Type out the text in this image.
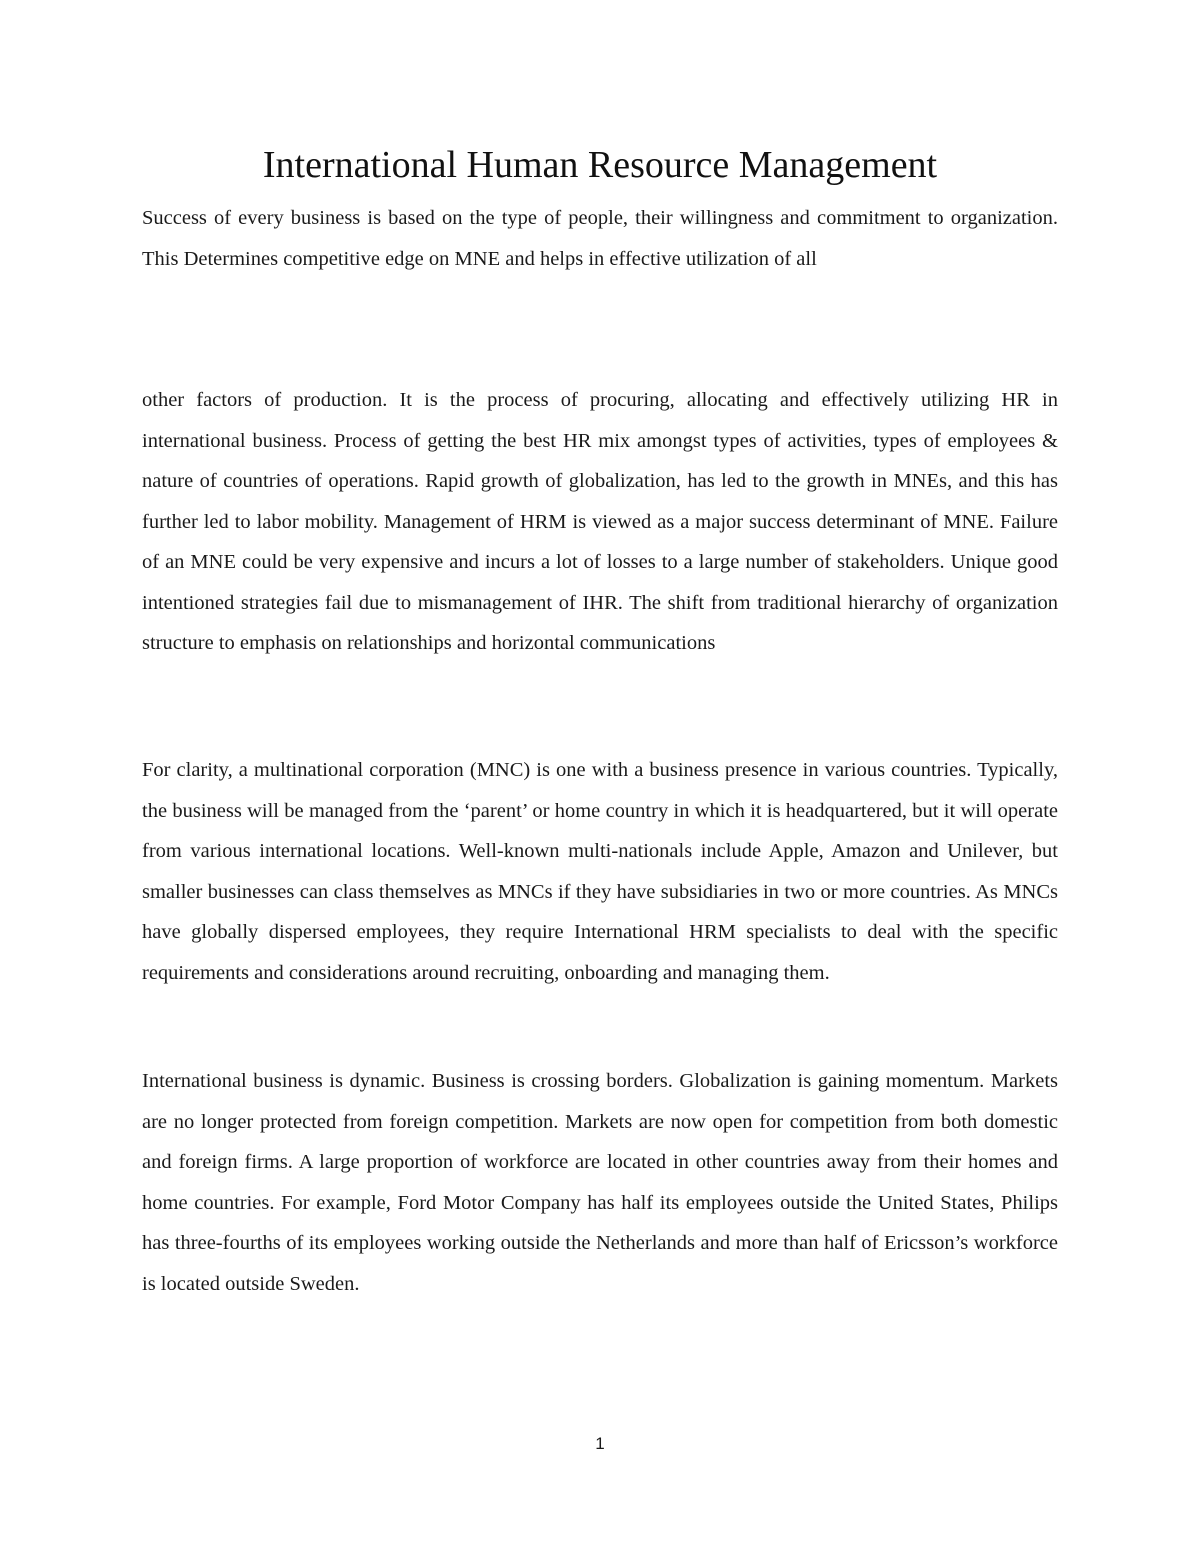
International Human Resource Management

Success of every business is based on the type of people, their willingness and commitment to organization. This Determines competitive edge on MNE and helps in effective utilization of all

other factors of production. It is the process of procuring, allocating and effectively utilizing HR in international business. Process of getting the best HR mix amongst types of activities, types of employees & nature of countries of operations. Rapid growth of globalization, has led to the growth in MNEs, and this has further led to labor mobility. Management of HRM is viewed as a major success determinant of MNE. Failure of an MNE could be very expensive and incurs a lot of losses to a large number of stakeholders. Unique good intentioned strategies fail due to mismanagement of IHR. The shift from traditional hierarchy of organization structure to emphasis on relationships and horizontal communications

For clarity, a multinational corporation (MNC) is one with a business presence in various countries. Typically, the business will be managed from the ‘parent’ or home country in which it is headquartered, but it will operate from various international locations. Well-known multi-nationals include Apple, Amazon and Unilever, but smaller businesses can class themselves as MNCs if they have subsidiaries in two or more countries. As MNCs have globally dispersed employees, they require International HRM specialists to deal with the specific requirements and considerations around recruiting, onboarding and managing them.

International business is dynamic. Business is crossing borders. Globalization is gaining momentum. Markets are no longer protected from foreign competition. Markets are now open for competition from both domestic and foreign firms. A large proportion of workforce are located in other countries away from their homes and home countries. For example, Ford Motor Company has half its employees outside the United States, Philips has three-fourths of its employees working outside the Netherlands and more than half of Ericsson’s workforce is located outside Sweden.

1
